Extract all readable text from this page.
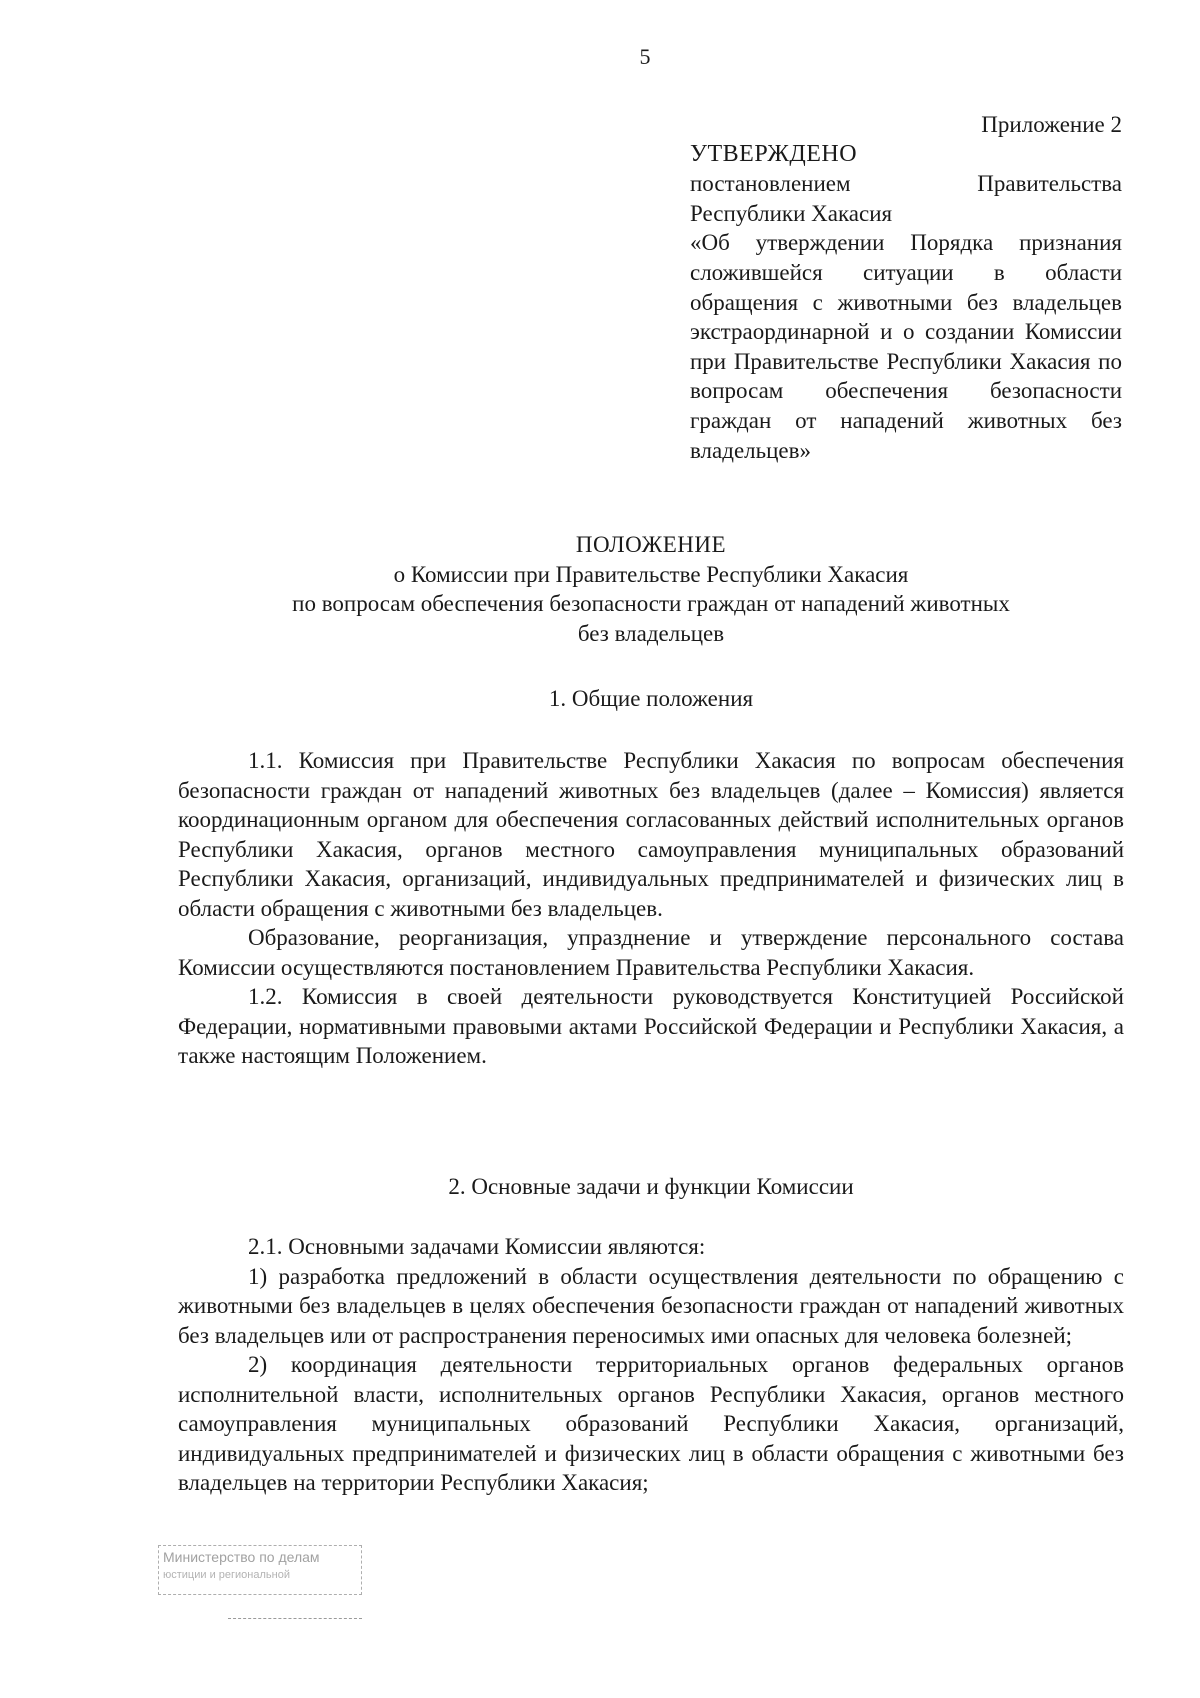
5
Приложение 2
УТВЕРЖДЕНО
постановлением Правительства
Республики Хакасия
«Об утверждении Порядка признания сложившейся ситуации в области обращения с животными без владельцев экстраординарной и о создании Комиссии при Правительстве Республики Хакасия по вопросам обеспечения безопасности граждан от нападений животных без владельцев»
ПОЛОЖЕНИЕ
о Комиссии при Правительстве Республики Хакасия
по вопросам обеспечения безопасности граждан от нападений животных
без владельцев
1. Общие положения

1.1. Комиссия при Правительстве Республики Хакасия по вопросам обеспечения безопасности граждан от нападений животных без владельцев (далее – Комиссия) является координационным органом для обеспечения согласованных действий исполнительных органов Республики Хакасия, органов местного самоуправления муниципальных образований Республики Хакасия, организаций, индивидуальных предпринимателей и физических лиц в области обращения с животными без владельцев.

Образование, реорганизация, упразднение и утверждение персонального состава Комиссии осуществляются постановлением Правительства Республики Хакасия.

1.2. Комиссия в своей деятельности руководствуется Конституцией Российской Федерации, нормативными правовыми актами Российской Федерации и Республики Хакасия, а также настоящим Положением.

2. Основные задачи и функции Комиссии

2.1. Основными задачами Комиссии являются:

1) разработка предложений в области осуществления деятельности по обращению с животными без владельцев в целях обеспечения безопасности граждан от нападений животных без владельцев или от распространения переносимых ими опасных для человека болезней;

2) координация деятельности территориальных органов федеральных органов исполнительной власти, исполнительных органов Республики Хакасия, органов местного самоуправления муниципальных образований Республики Хакасия, организаций, индивидуальных предпринимателей и физических лиц в области обращения с животными без владельцев на территории Республики Хакасия;

Министерство по делам
юстиции и региональной
